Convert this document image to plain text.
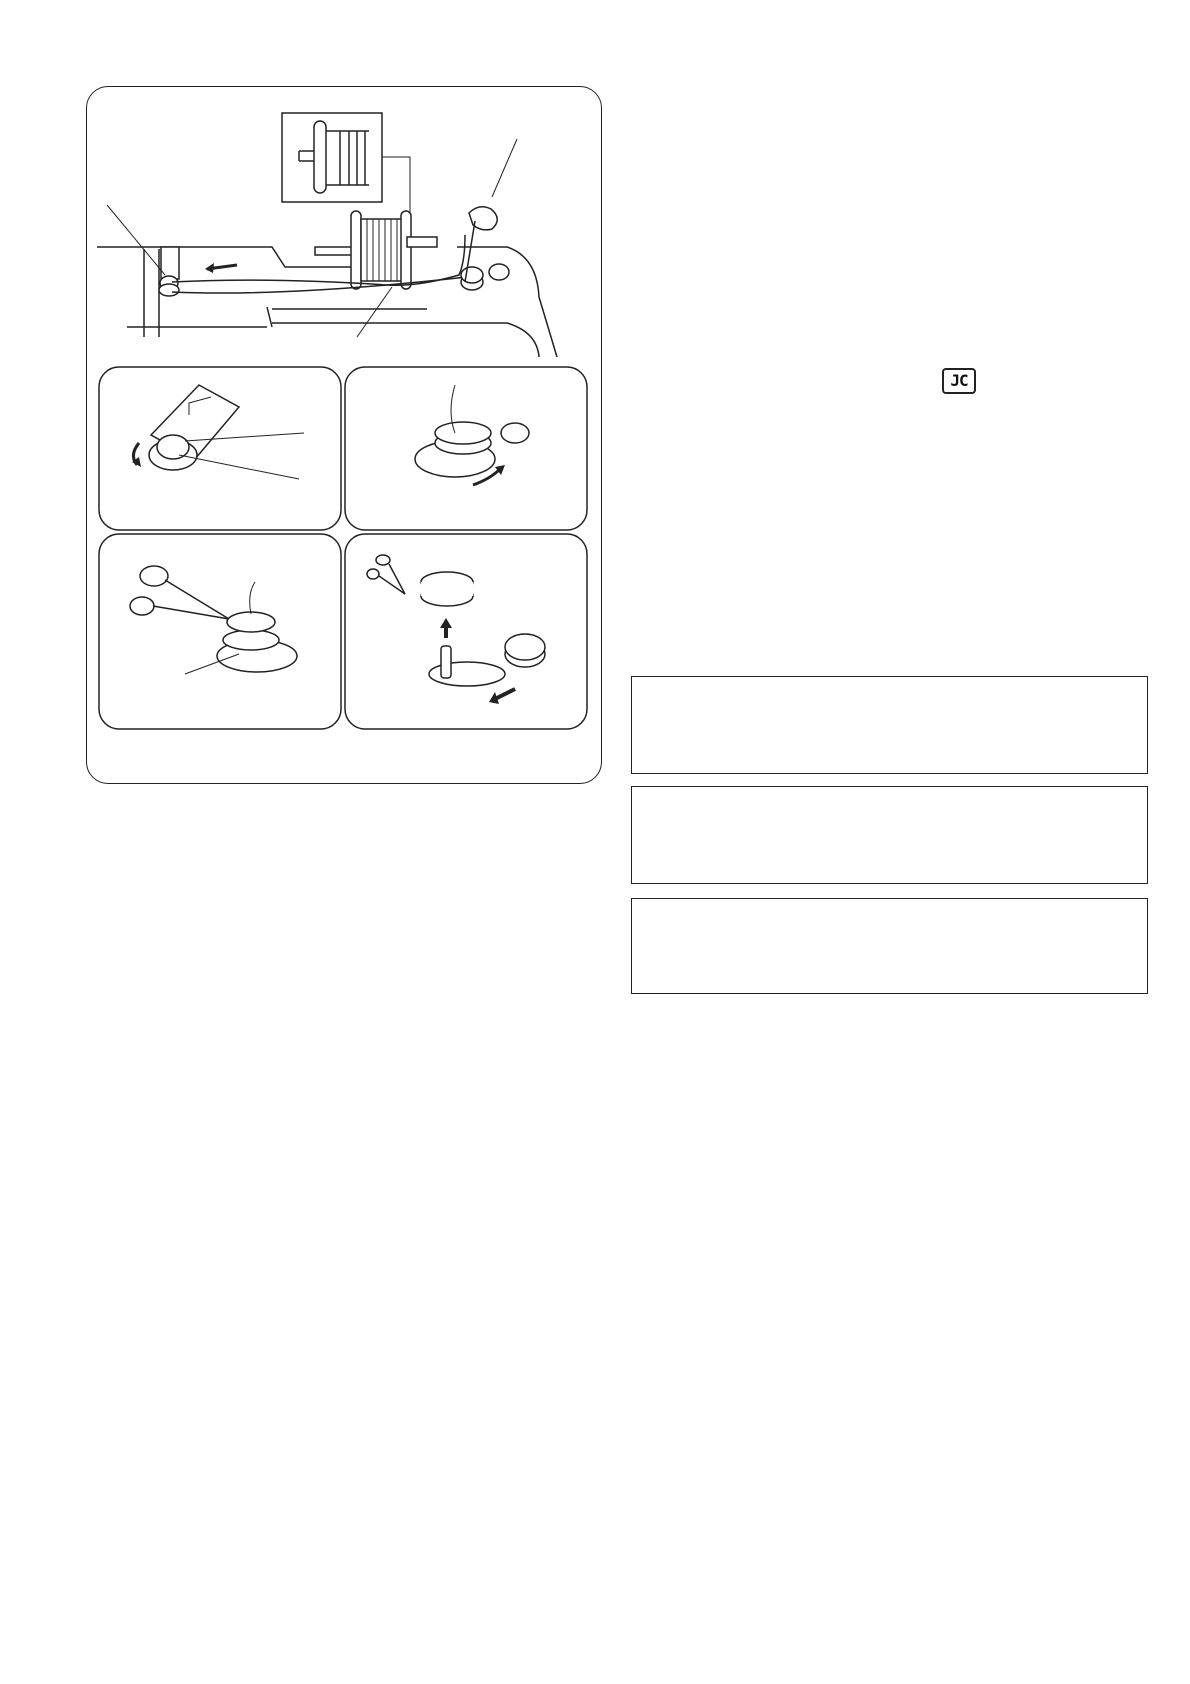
JC
